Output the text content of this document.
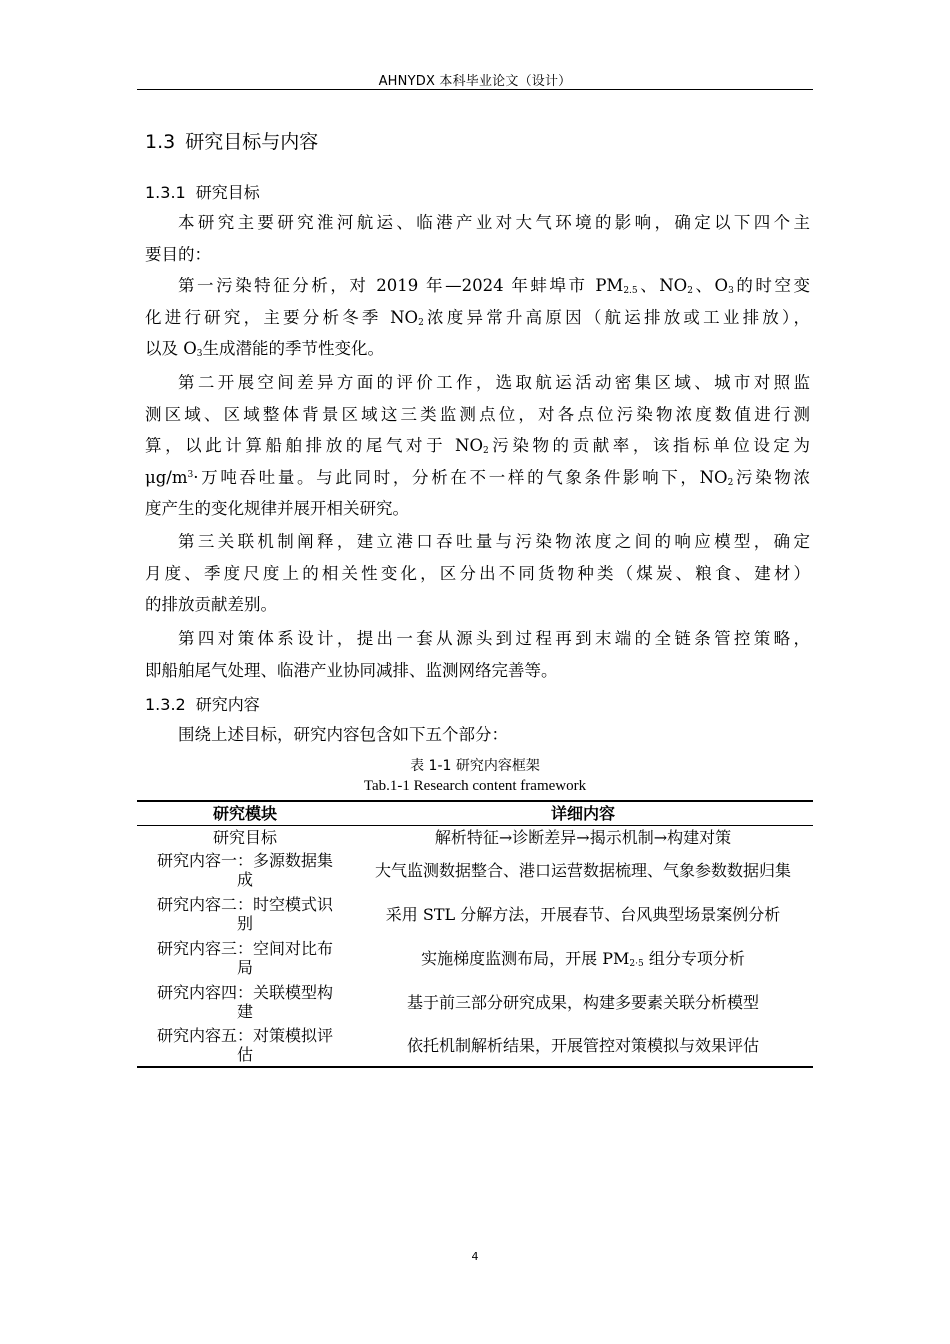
AHNYDX 本科毕业论文（设计）
1.3 研究目标与内容
1.3.1 研究目标
本研究主要研究淮河航运、临港产业对大气环境的影响，确定以下四个主
要目的：
第一污染特征分析，对 2019 年—2024 年蚌埠市 $PM_{2.5}$、$NO_2$、$O_3$的时空变
化进行研究，主要分析冬季 $NO_2$浓度异常升高原因（航运排放或工业排放），
以及 $O_3$生成潜能的季节性变化。
第二开展空间差异方面的评价工作，选取航运活动密集区域、城市对照监
测区域、区域整体背景区域这三类监测点位，对各点位污染物浓度数值进行测
算，以此计算船舶排放的尾气对于 $NO_2$污染物的贡献率，该指标单位设定为
$\mu g/m^3\cdot$万吨吞吐量。与此同时，分析在不一样的气象条件影响下，$NO_2$污染物浓
度产生的变化规律并展开相关研究。
第三关联机制阐释，建立港口吞吐量与污染物浓度之间的响应模型，确定
月度、季度尺度上的相关性变化，区分出不同货物种类（煤炭、粮食、建材）
的排放贡献差别。
第四对策体系设计，提出一套从源头到过程再到末端的全链条管控策略，
即船舶尾气处理、临港产业协同减排、监测网络完善等。
1.3.2 研究内容
围绕上述目标，研究内容包含如下五个部分：
表 1-1 研究内容框架
Tab.1-1 Research content framework
研究模块	详细内容
研究目标	解析特征→诊断差异→揭示机制→构建对策
研究内容一：多源数据集成	大气监测数据整合、港口运营数据梳理、气象参数数据归集
研究内容二：时空模式识别	采用 STL 分解方法，开展春节、台风典型场景案例分析
研究内容三：空间对比布局	实施梯度监测布局，开展 $PM_{2\cdot 5}$ 组分专项分析
研究内容四：关联模型构建	基于前三部分研究成果，构建多要素关联分析模型
研究内容五：对策模拟评估	依托机制解析结果，开展管控对策模拟与效果评估
4
